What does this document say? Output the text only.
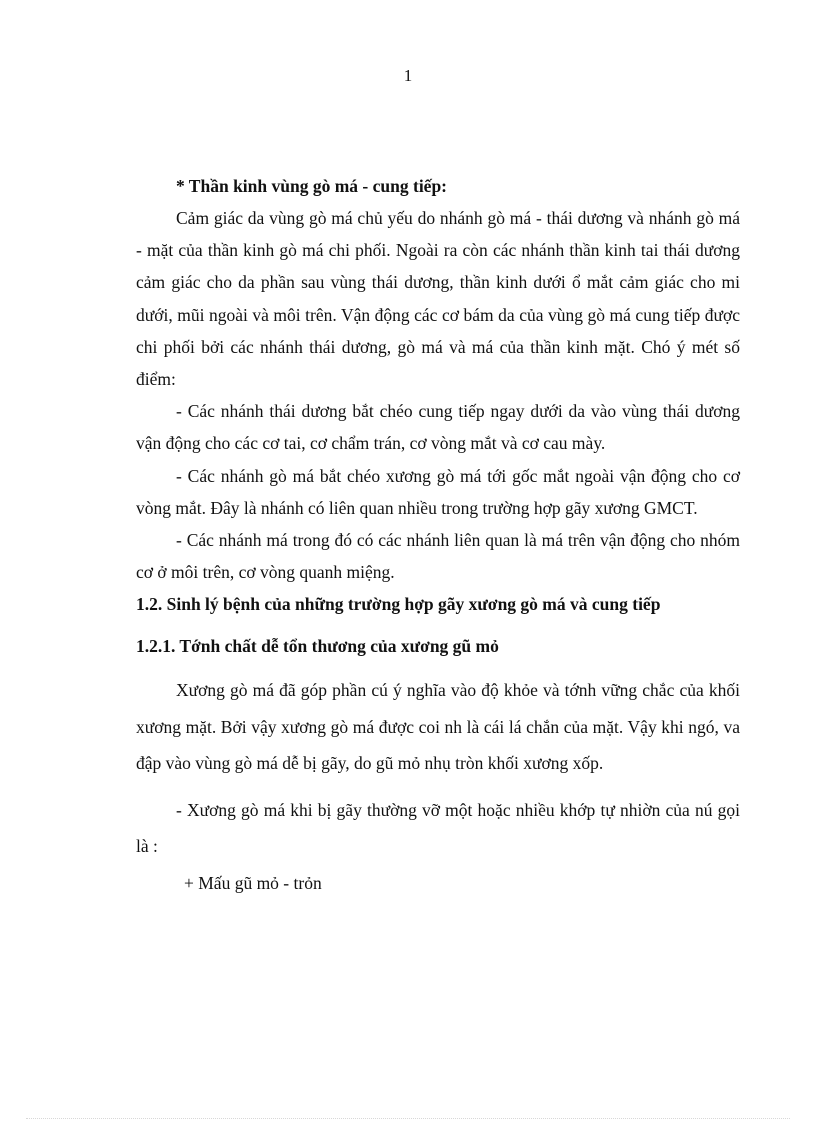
1

* Thần kinh vùng gò má - cung tiếp:

Cảm giác da vùng gò má chủ yếu do nhánh gò má - thái dương và nhánh gò má - mặt của thần kinh gò má chi phối. Ngoài ra còn các nhánh thần kinh tai thái dương cảm giác cho da phần sau vùng thái dương, thần kinh dưới ổ mắt cảm giác cho mi dưới, mũi ngoài và môi trên. Vận động các cơ bám da của vùng gò má cung tiếp được chi phối bởi các nhánh thái dương, gò má và má của thần kinh mặt. Chó ý mét số điểm:

- Các nhánh thái dương bắt chéo cung tiếp ngay dưới da vào vùng thái dương vận động cho các cơ tai, cơ chẩm trán, cơ vòng mắt và cơ cau mày.

- Các nhánh gò má bắt chéo xương gò má tới gốc mắt ngoài vận động cho cơ vòng mắt. Đây là nhánh có liên quan nhiều trong trường hợp gãy xương GMCT.

- Các nhánh má trong đó có các nhánh liên quan là má trên vận động cho nhóm cơ ở môi trên, cơ vòng quanh miệng.

1.2. Sinh lý bệnh của những trường hợp gãy xương gò má và cung tiếp

1.2.1. Tớnh chất dễ tổn thương của xương gũ mỏ

Xương gò má đã góp phần cú ý nghĩa vào độ khỏe và tớnh vững chắc của khối xương mặt. Bởi vậy xương gò má được coi nh là cái lá chắn của mặt. Vậy khi ngó, va đập vào vùng gò má dễ bị gãy, do gũ mỏ nhụ tròn khối xương xốp.

- Xương gò má khi bị gãy thường vỡ một hoặc nhiều khớp tự nhiờn của nú gọi là :

+ Mấu gũ mỏ - trỏn
